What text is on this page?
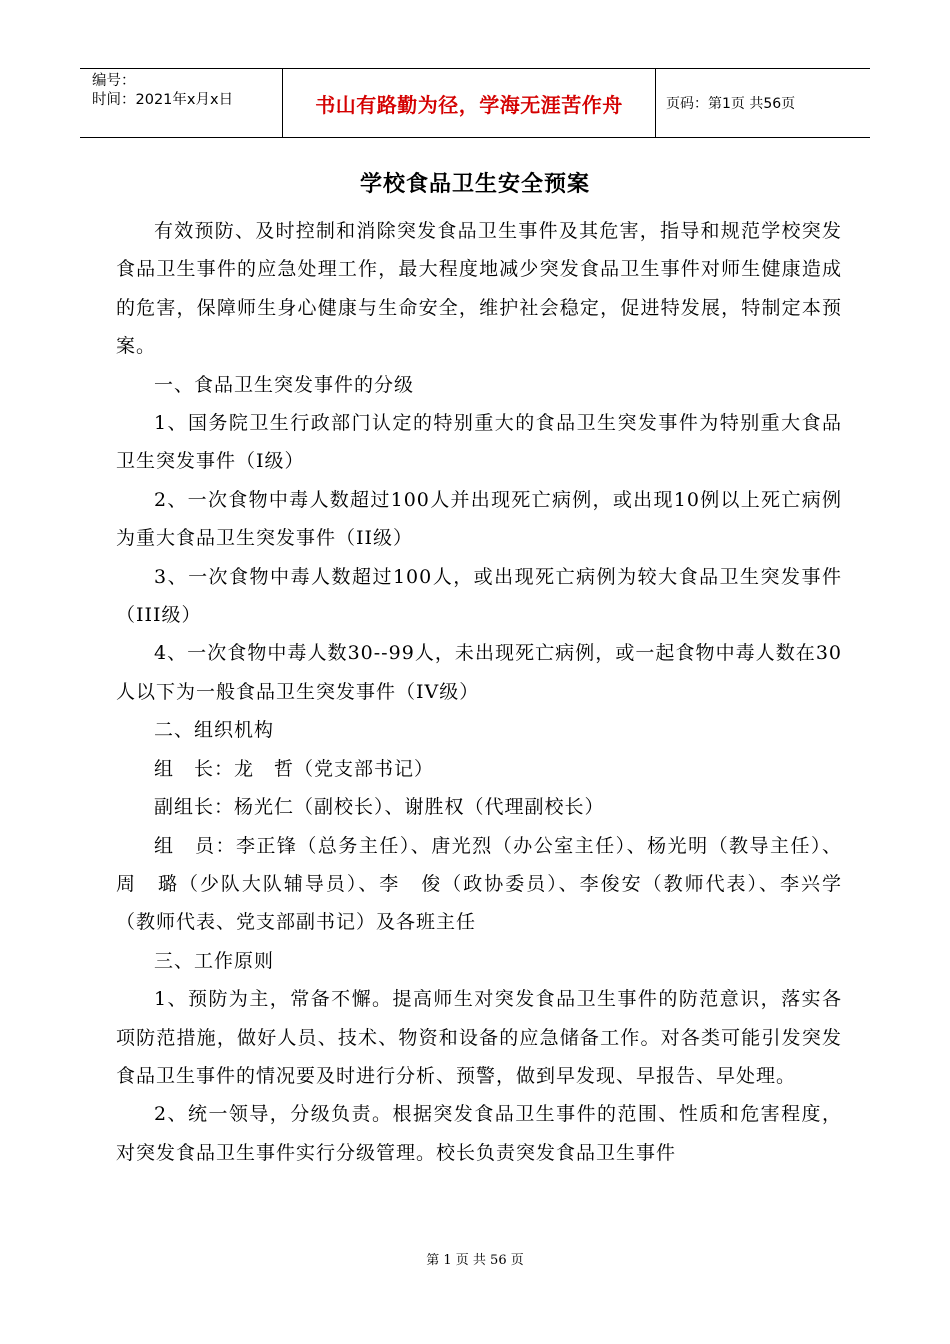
编号：
时间：2021年x月x日	书山有路勤为径，学海无涯苦作舟	页码：第1页 共56页
学校食品卫生安全预案

有效预防、及时控制和消除突发食品卫生事件及其危害，指导和规范学校突发食品卫生事件的应急处理工作，最大程度地减少突发食品卫生事件对师生健康造成的危害，保障师生身心健康与生命安全，维护社会稳定，促进特发展，特制定本预案。

一、食品卫生突发事件的分级

1、国务院卫生行政部门认定的特别重大的食品卫生突发事件为特别重大食品卫生突发事件（I级）

2、一次食物中毒人数超过100人并出现死亡病例，或出现10例以上死亡病例为重大食品卫生突发事件（II级）

3、一次食物中毒人数超过100人，或出现死亡病例为较大食品卫生突发事件（III级）

4、一次食物中毒人数30--99人，未出现死亡病例，或一起食物中毒人数在30人以下为一般食品卫生突发事件（IV级）

二、组织机构

组　长：龙　哲（党支部书记）

副组长：杨光仁（副校长）、谢胜权（代理副校长）

组　员：李正锋（总务主任）、唐光烈（办公室主任）、杨光明（教导主任）、周　璐（少队大队辅导员）、李　俊（政协委员）、李俊安（教师代表）、李兴学（教师代表、党支部副书记）及各班主任

三、工作原则

1、预防为主，常备不懈。提高师生对突发食品卫生事件的防范意识，落实各项防范措施，做好人员、技术、物资和设备的应急储备工作。对各类可能引发突发食品卫生事件的情况要及时进行分析、预警，做到早发现、早报告、早处理。

2、统一领导，分级负责。根据突发食品卫生事件的范围、性质和危害程度，对突发食品卫生事件实行分级管理。校长负责突发食品卫生事件

第 1 页 共 56 页
